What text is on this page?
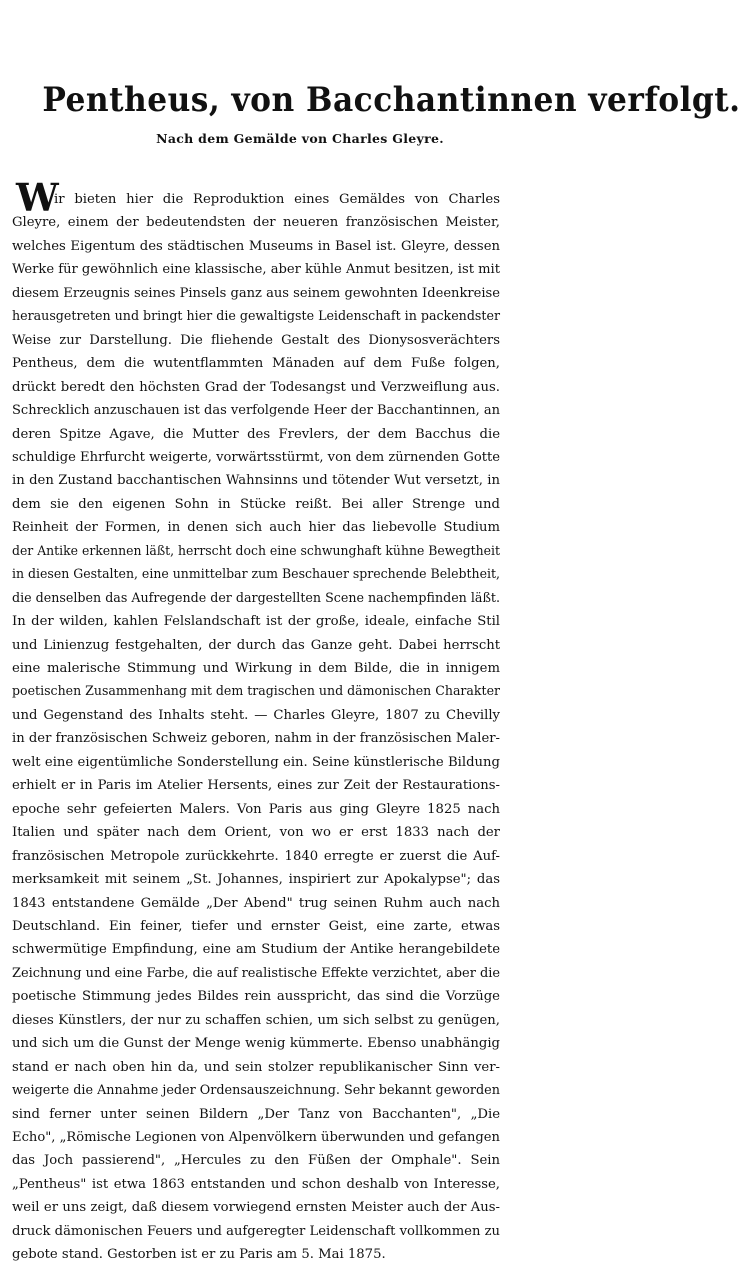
Pentheus, von Bacchantinnen verfolgt.
Nach dem Gemälde von Charles Gleyre.
W
ir bieten hier die Reproduktion eines Gemäldes von Charles
Gleyre, einem der bedeutendsten der neueren französischen Meister,
welches Eigentum des städtischen Museums in Basel ist. Gleyre, dessen
Werke für gewöhnlich eine klassische, aber kühle Anmut besitzen, ist mit
diesem Erzeugnis seines Pinsels ganz aus seinem gewohnten Ideenkreise
herausgetreten und bringt hier die gewaltigste Leidenschaft in packendster
Weise zur Darstellung. Die fliehende Gestalt des Dionysosverächters
Pentheus, dem die wutentflammten Mänaden auf dem Fuße folgen,
drückt beredt den höchsten Grad der Todesangst und Verzweiflung aus.
Schrecklich anzuschauen ist das verfolgende Heer der Bacchantinnen, an
deren Spitze Agave, die Mutter des Frevlers, der dem Bacchus die
schuldige Ehrfurcht weigerte, vorwärtsstürmt, von dem zürnenden Gotte
in den Zustand bacchantischen Wahnsinns und tötender Wut versetzt, in
dem sie den eigenen Sohn in Stücke reißt. Bei aller Strenge und
Reinheit der Formen, in denen sich auch hier das liebevolle Studium
der Antike erkennen läßt, herrscht doch eine schwunghaft kühne Bewegtheit
in diesen Gestalten, eine unmittelbar zum Beschauer sprechende Belebtheit,
die denselben das Aufregende der dargestellten Scene nachempfinden läßt.
In der wilden, kahlen Felslandschaft ist der große, ideale, einfache Stil
und Linienzug festgehalten, der durch das Ganze geht. Dabei herrscht
eine malerische Stimmung und Wirkung in dem Bilde, die in innigem
poetischen Zusammenhang mit dem tragischen und dämonischen Charakter
und Gegenstand des Inhalts steht. — Charles Gleyre, 1807 zu Chevilly
in der französischen Schweiz geboren, nahm in der französischen Maler-
welt eine eigentümliche Sonderstellung ein. Seine künstlerische Bildung
erhielt er in Paris im Atelier Hersents, eines zur Zeit der Restaurations-
epoche sehr gefeierten Malers. Von Paris aus ging Gleyre 1825 nach
Italien und später nach dem Orient, von wo er erst 1833 nach der
französischen Metropole zurückkehrte. 1840 erregte er zuerst die Auf-
merksamkeit mit seinem „St. Johannes, inspiriert zur Apokalypse"; das
1843 entstandene Gemälde „Der Abend" trug seinen Ruhm auch nach
Deutschland. Ein feiner, tiefer und ernster Geist, eine zarte, etwas
schwermütige Empfindung, eine am Studium der Antike herangebildete
Zeichnung und eine Farbe, die auf realistische Effekte verzichtet, aber die
poetische Stimmung jedes Bildes rein ausspricht, das sind die Vorzüge
dieses Künstlers, der nur zu schaffen schien, um sich selbst zu genügen,
und sich um die Gunst der Menge wenig kümmerte. Ebenso unabhängig
stand er nach oben hin da, und sein stolzer republikanischer Sinn ver-
weigerte die Annahme jeder Ordensauszeichnung. Sehr bekannt geworden
sind ferner unter seinen Bildern „Der Tanz von Bacchanten", „Die
Echo", „Römische Legionen von Alpenvölkern überwunden und gefangen
das Joch passierend", „Hercules zu den Füßen der Omphale". Sein
„Pentheus" ist etwa 1863 entstanden und schon deshalb von Interesse,
weil er uns zeigt, daß diesem vorwiegend ernsten Meister auch der Aus-
druck dämonischen Feuers und aufgeregter Leidenschaft vollkommen zu
gebote stand. Gestorben ist er zu Paris am 5. Mai 1875.
